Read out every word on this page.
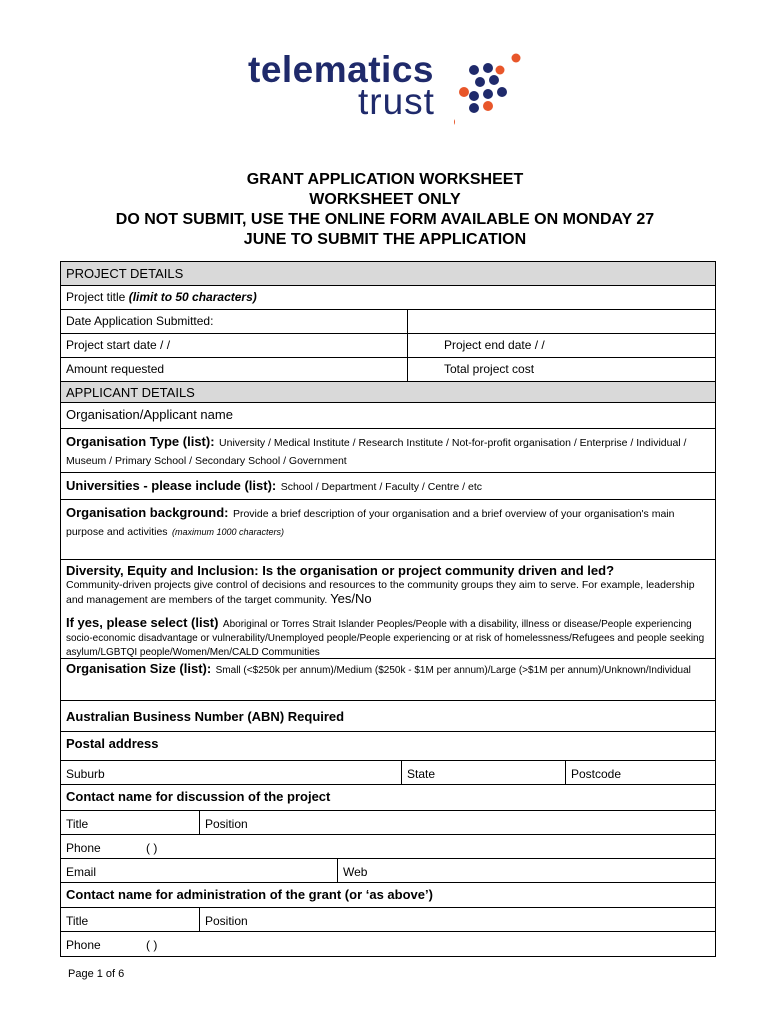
telematics
trust
GRANT APPLICATION WORKSHEET
WORKSHEET ONLY
DO NOT SUBMIT, USE THE ONLINE FORM AVAILABLE ON MONDAY 27
JUNE TO SUBMIT THE APPLICATION
PROJECT DETAILS
Project title (limit to 50 characters)
Date Application Submitted:
Project start date / /	Project end date / /
Amount requested	Total project cost
APPLICANT DETAILS
Organisation/Applicant name
Organisation Type (list): University / Medical Institute / Research Institute / Not-for-profit organisation / Enterprise / Individual / Museum / Primary School / Secondary School / Government
Universities - please include (list): School / Department / Faculty / Centre / etc
Organisation background: Provide a brief description of your organisation and a brief overview of your organisation's main purpose and activities (maximum 1000 characters)
Diversity, Equity and Inclusion: Is the organisation or project community driven and led?
Community-driven projects give control of decisions and resources to the community groups they aim to serve. For example, leadership and management are members of the target community. Yes/No
If yes, please select (list) Aboriginal or Torres Strait Islander Peoples/People with a disability, illness or disease/People experiencing socio-economic disadvantage or vulnerability/Unemployed people/People experiencing or at risk of homelessness/Refugees and people seeking asylum/LGBTQI people/Women/Men/CALD Communities
Organisation Size (list): Small (<$250k per annum)/Medium ($250k - $1M per annum)/Large (>$1M per annum)/Unknown/Individual
Australian Business Number (ABN) Required
Postal address
Suburb	State	Postcode
Contact name for discussion of the project
Title	Position
Phone	( )
Email	Web
Contact name for administration of the grant (or ‘as above’)
Title	Position
Phone	( )
Page 1 of 6
